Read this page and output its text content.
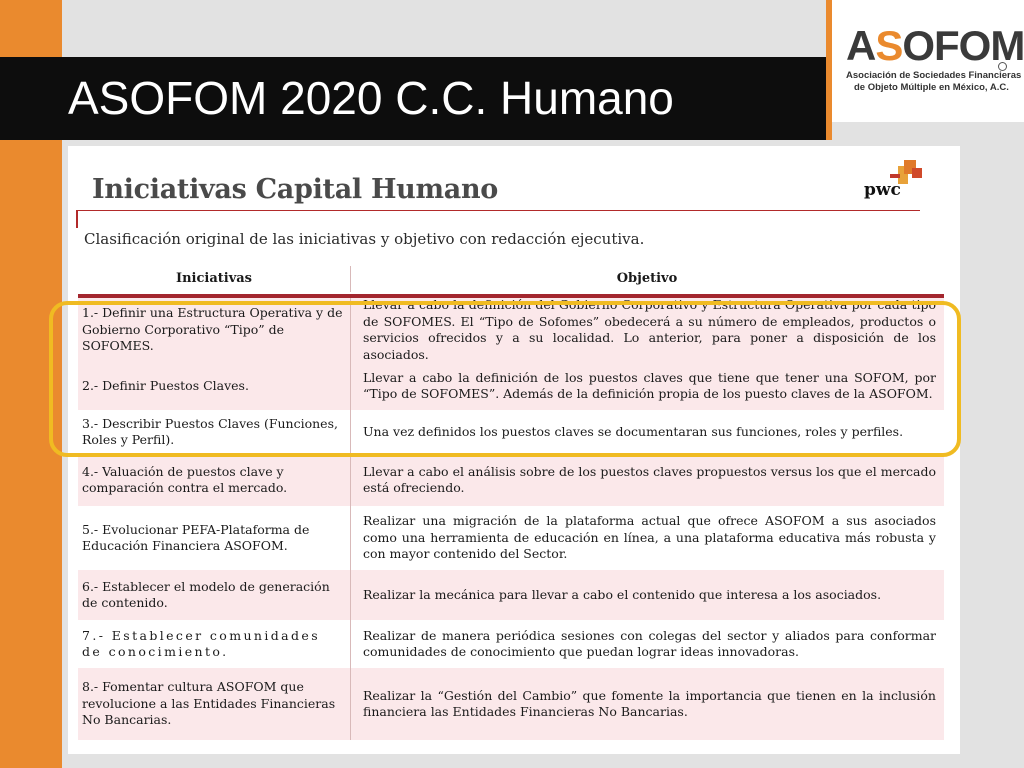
ASOFOM 2020 C.C. Humano
ASOFOM
Asociación de Sociedades Financieras
de Objeto Múltiple en México, A.C.
Iniciativas Capital Humano	pwc
Clasificación original de las iniciativas y objetivo con redacción ejecutiva.
Iniciativas	Objetivo
1.- Definir una Estructura Operativa y de Gobierno Corporativo “Tipo” de SOFOMES.
Llevar a cabo la definición del Gobierno Corporativo y Estructura Operativa por cada tipo de SOFOMES. El “Tipo de Sofomes” obedecerá a su número de empleados, productos o servicios ofrecidos y a su localidad. Lo anterior, para poner a disposición de los asociados.
2.- Definir Puestos Claves.
Llevar a cabo la definición de los puestos claves que tiene que tener una SOFOM, por “Tipo de SOFOMES”. Además de la definición propia de los puesto claves de la ASOFOM.
3.- Describir Puestos Claves (Funciones, Roles y Perfil).
Una vez definidos los puestos claves se documentaran sus funciones, roles y perfiles.
4.- Valuación de puestos clave y comparación contra el mercado.
Llevar a cabo el análisis sobre de los puestos claves propuestos versus los que el mercado está ofreciendo.
5.- Evolucionar PEFA-Plataforma de Educación Financiera ASOFOM.
Realizar una migración de la plataforma actual que ofrece ASOFOM a sus asociados como una herramienta de educación en línea, a una plataforma educativa más robusta y con mayor contenido del Sector.
6.- Establecer el modelo de generación de contenido.
Realizar la mecánica para llevar a cabo el contenido que interesa a los asociados.
7.- Establecer comunidades de conocimiento.
Realizar de manera periódica sesiones con colegas del sector y aliados para conformar comunidades de conocimiento que puedan lograr ideas innovadoras.
8.- Fomentar cultura ASOFOM que revolucione a las Entidades Financieras No Bancarias.
Realizar la “Gestión del Cambio” que fomente la importancia que tienen en la inclusión financiera las Entidades Financieras No Bancarias.
